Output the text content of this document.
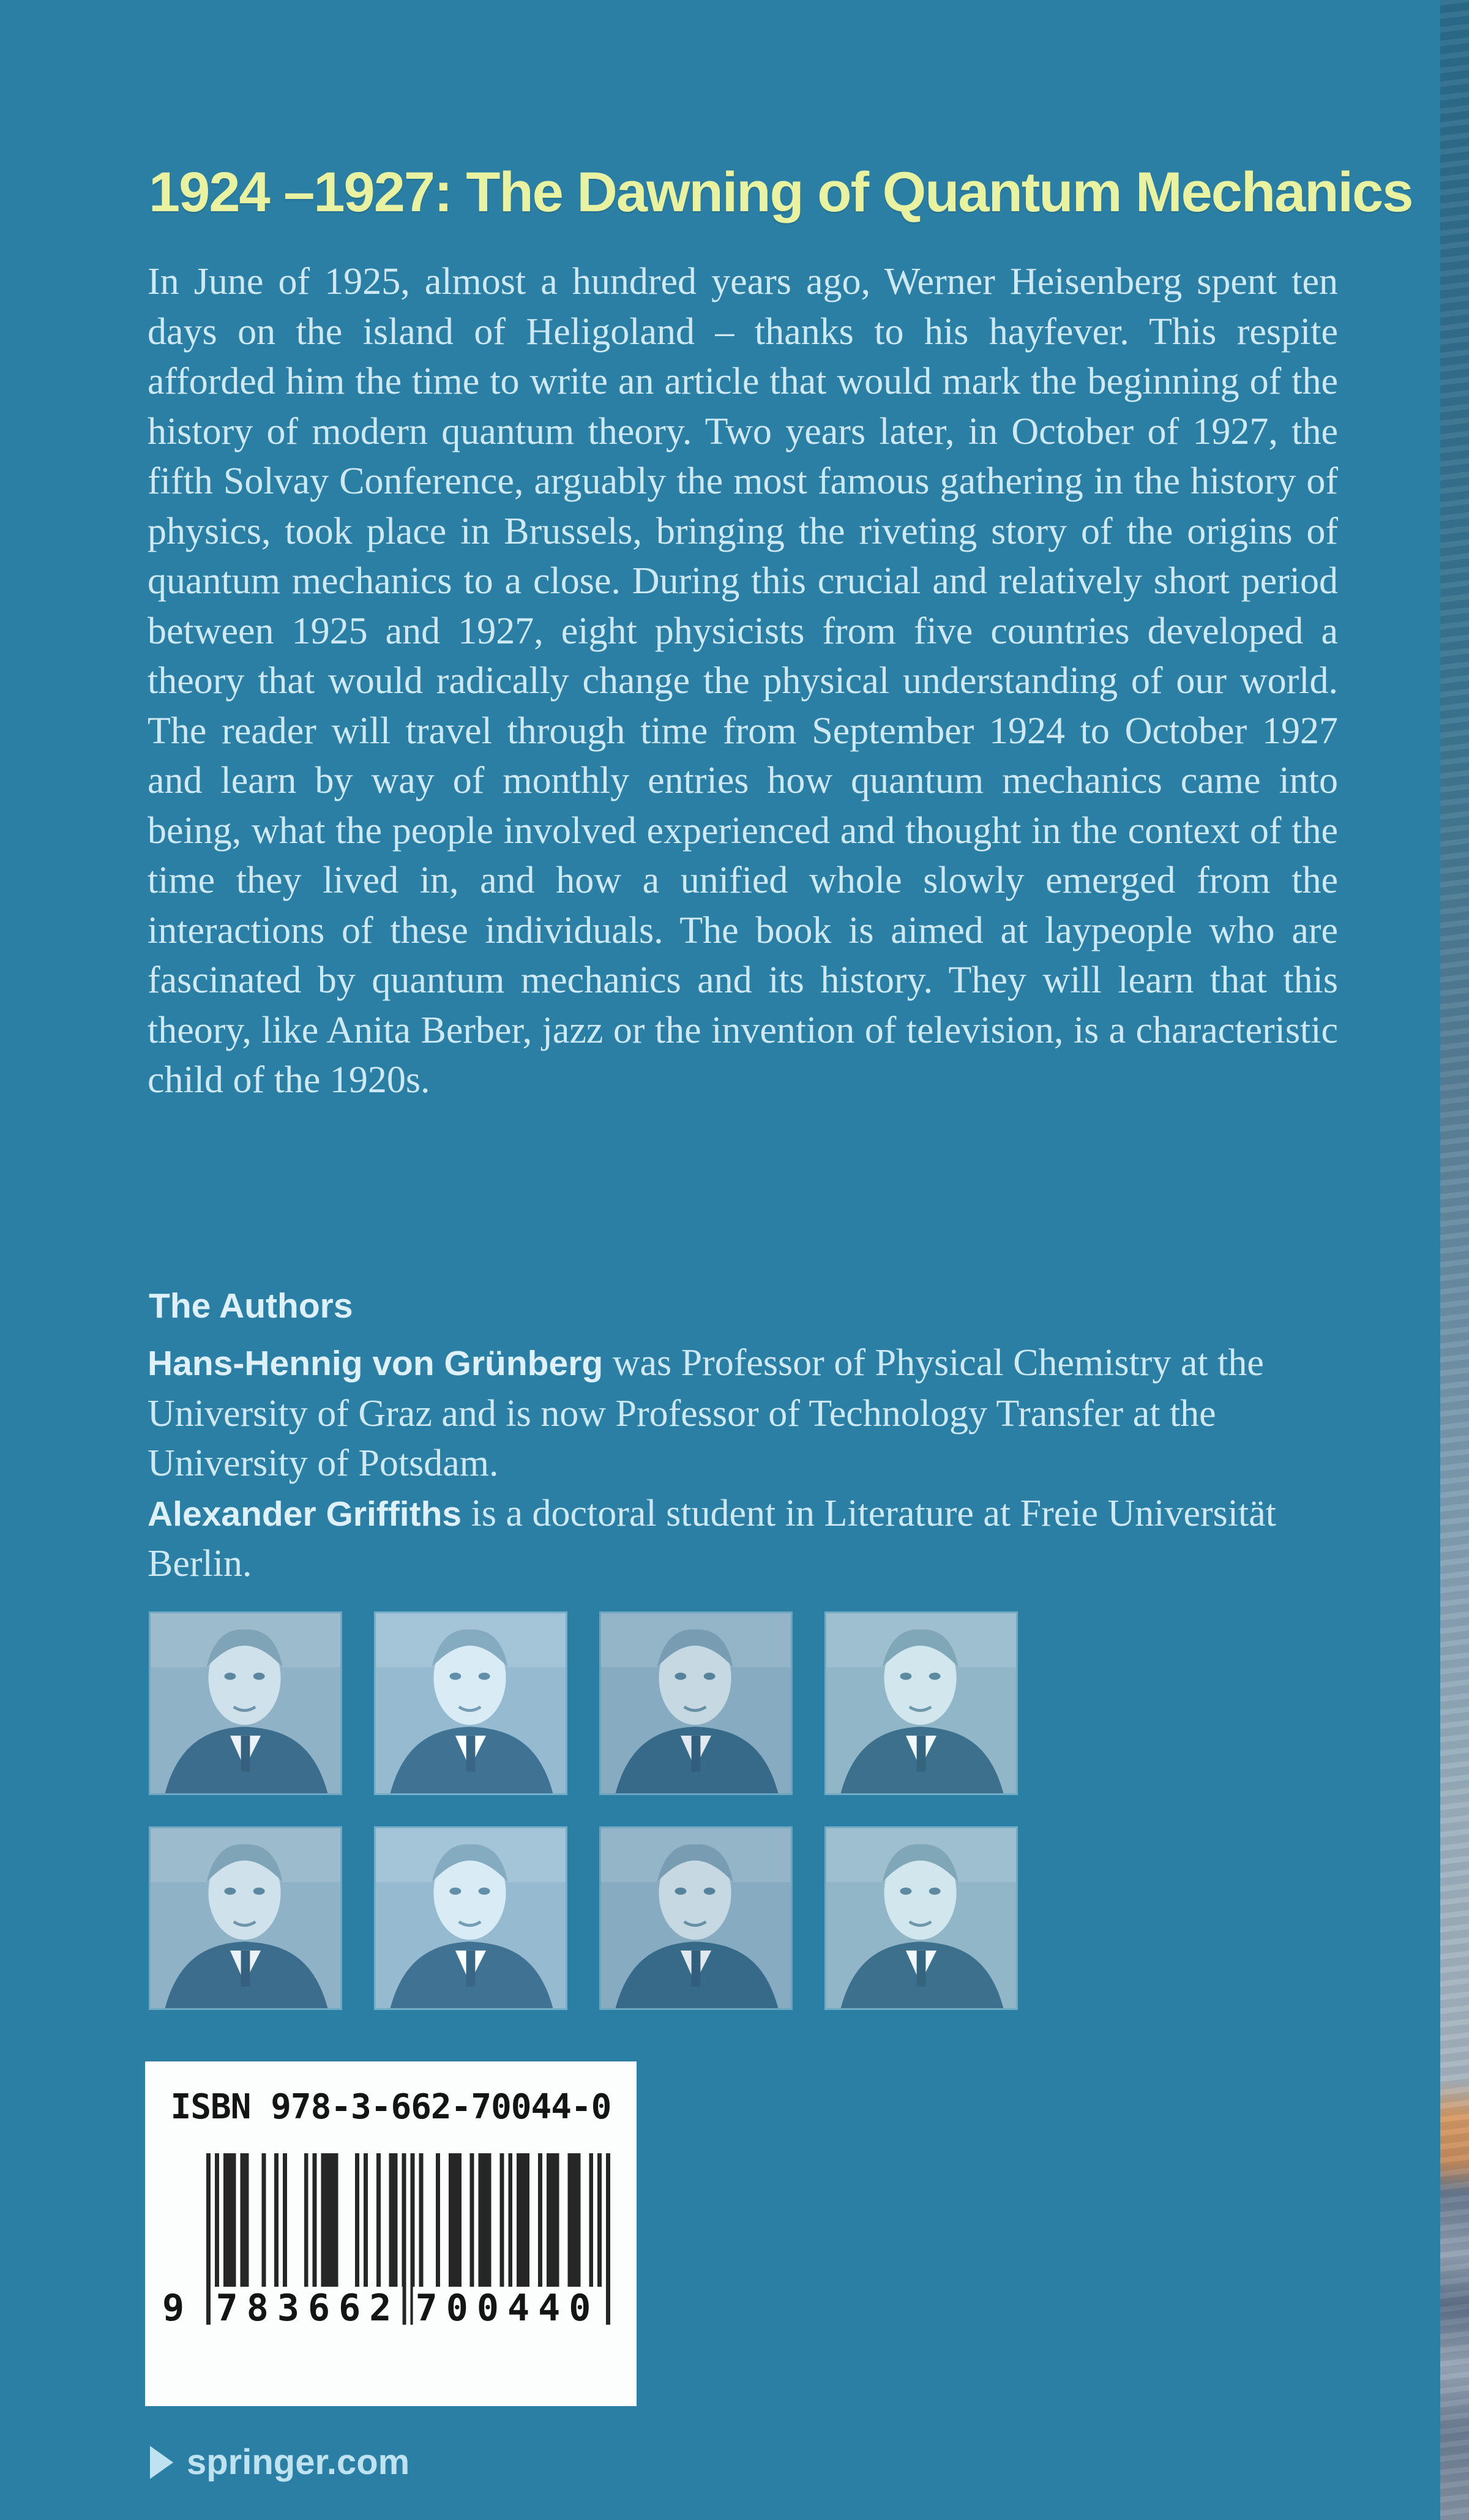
1924 –1927: The Dawning of Quantum Mechanics
In June of 1925, almost a hundred years ago, Werner Heisenberg spent ten days on the island of Heligoland – thanks to his hayfever. This respite afforded him the time to write an article that would mark the beginning of the history of modern quantum theory. Two years later, in October of 1927, the fifth Solvay Conference, arguably the most famous gathering in the history of physics, took place in Brussels, bringing the riveting story of the origins of quantum mechanics to a close. During this crucial and relatively short period between 1925 and 1927, eight physicists from five countries developed a theory that would radically change the physical understanding of our world. The reader will travel through time from September 1924 to October 1927 and learn by way of monthly entries how quantum mechanics came into being, what the people involved experienced and thought in the context of the time they lived in, and how a unified whole slowly emerged from the interactions of these individuals. The book is aimed at laypeople who are fascinated by quantum mechanics and its history. They will learn that this theory, like Anita Berber, jazz or the invention of television, is a characteristic child of the 1920s.
The Authors
Hans-Hennig von Grünberg was Professor of Physical Chemistry at the University of Graz and is now Professor of Technology Transfer at the University of Potsdam.
Alexander Griffiths is a doctoral student in Literature at Freie Universität Berlin.
ISBN 978-3-662-70044-0
9 783662 700440
springer.com
